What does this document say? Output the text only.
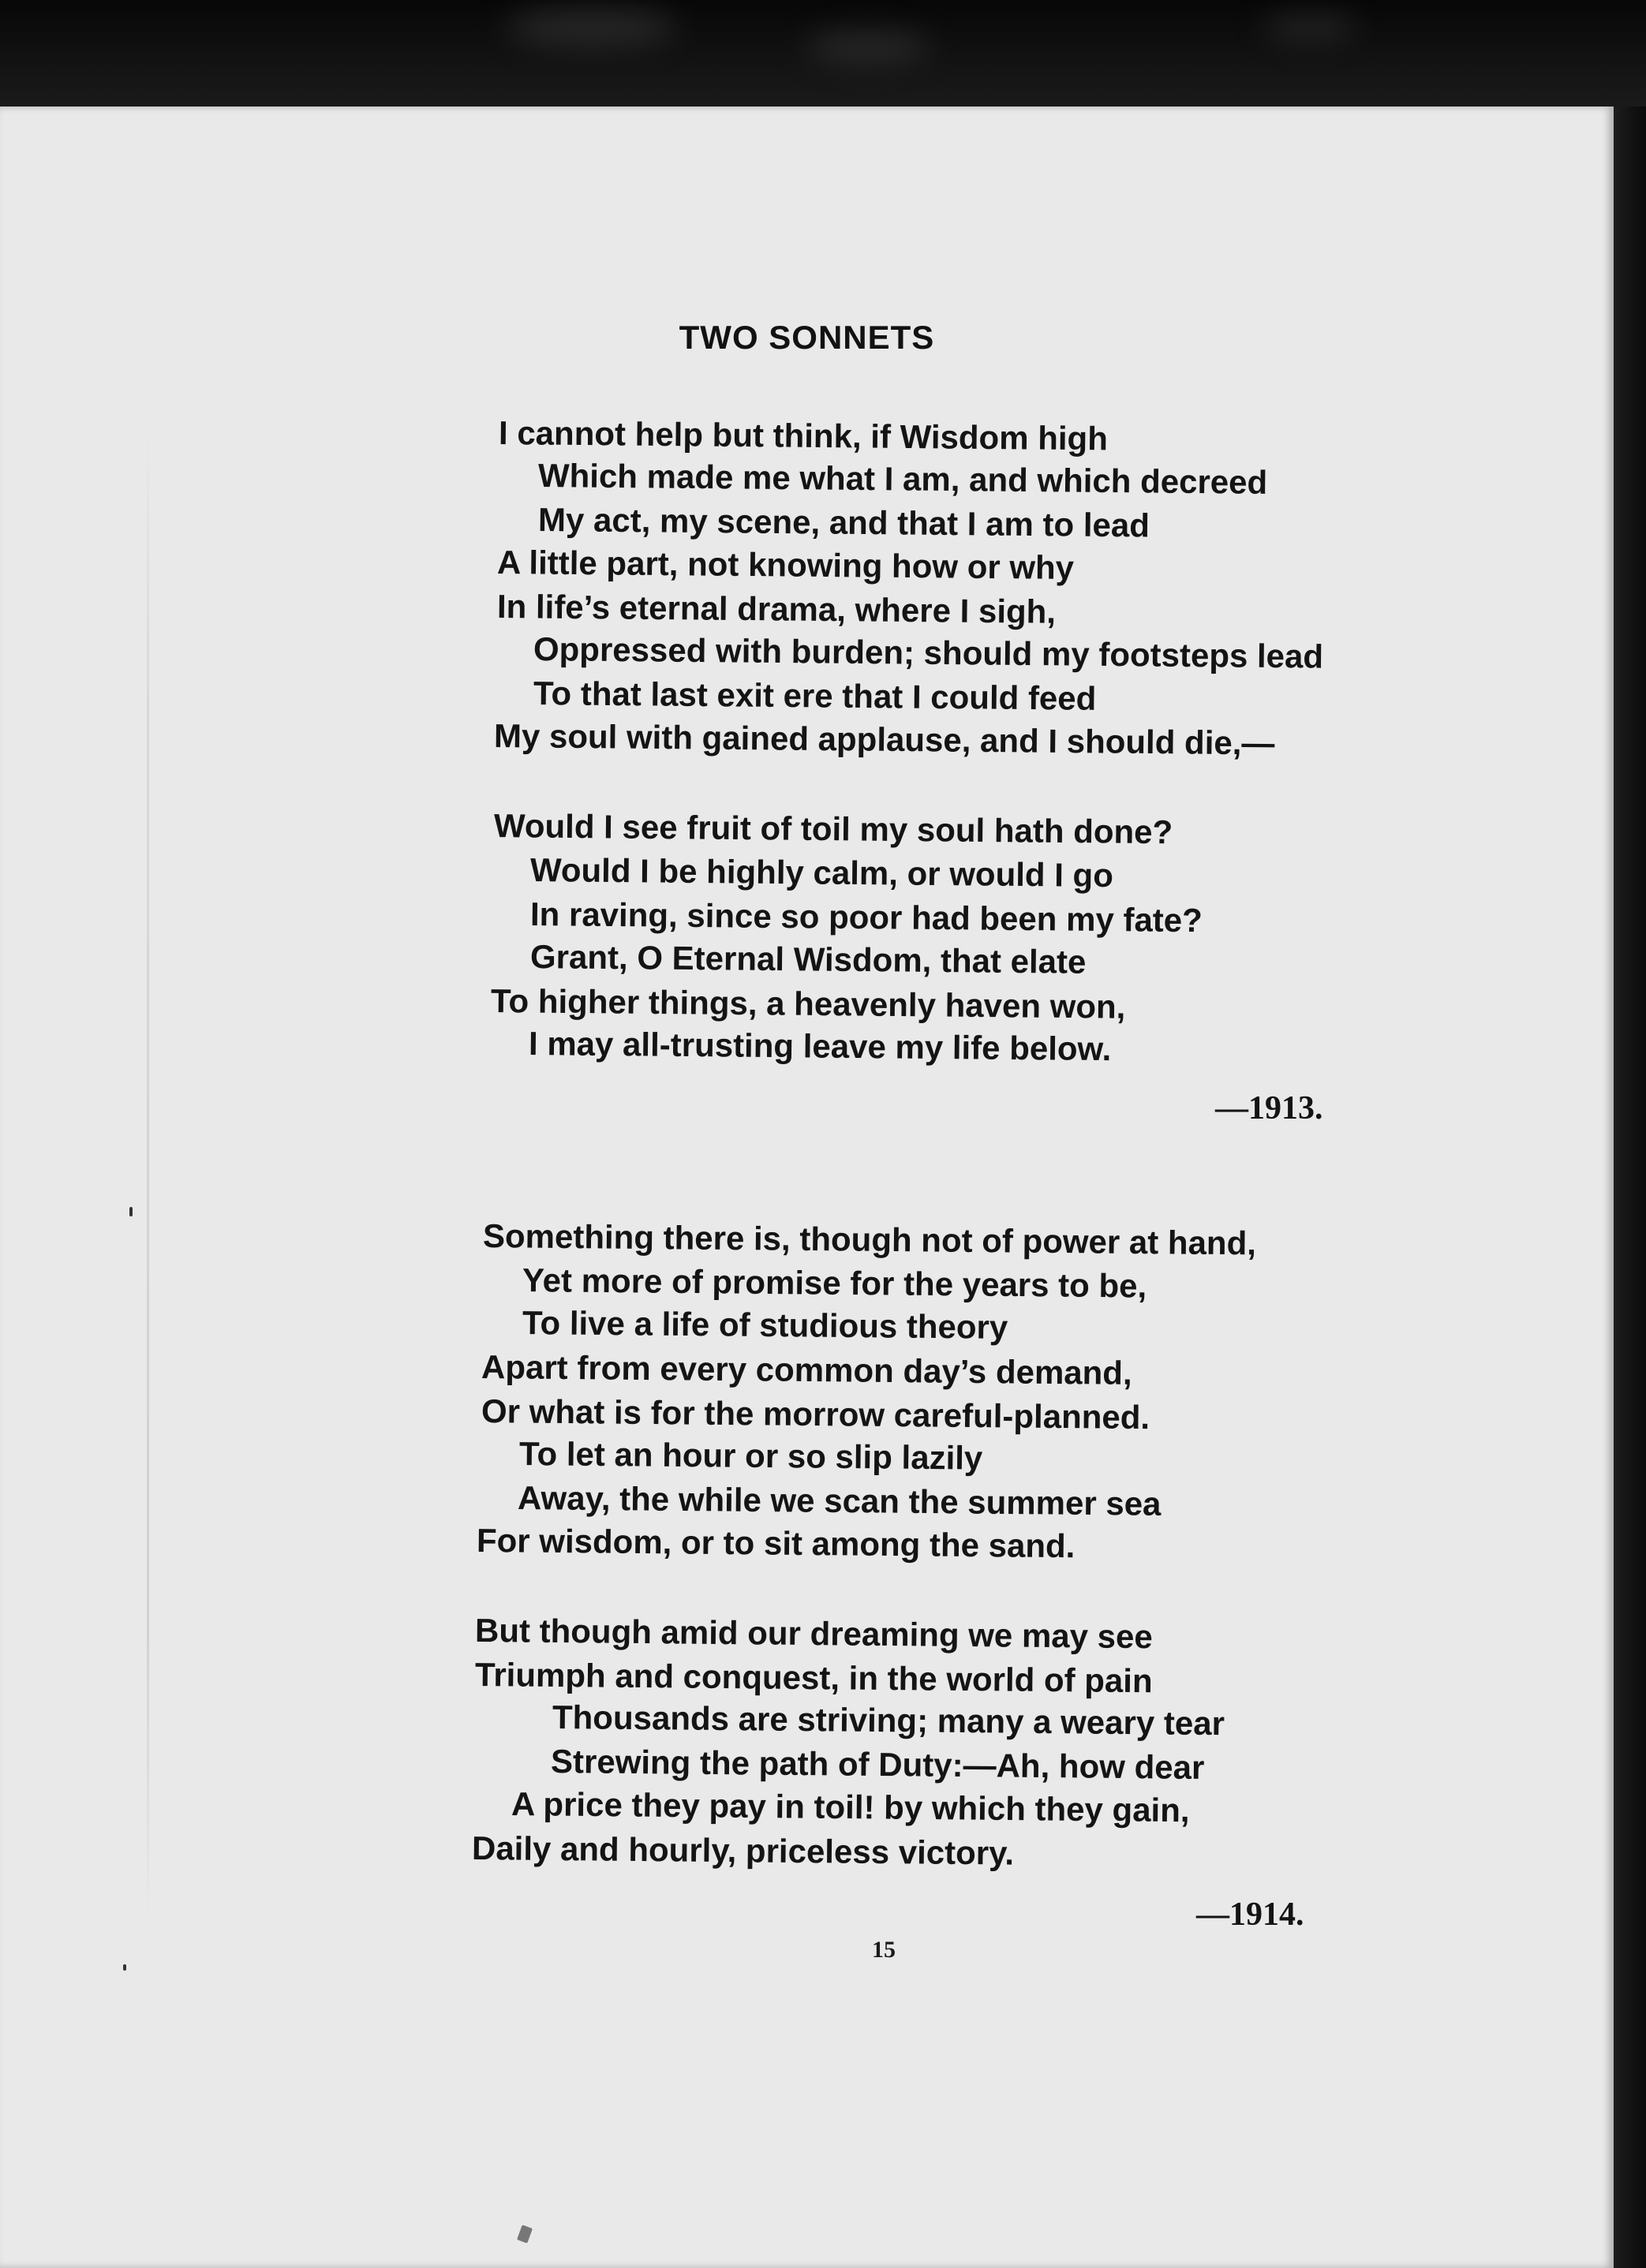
TWO SONNETS
I cannot help but think, if Wisdom high
Which made me what I am, and which decreed
My act, my scene, and that I am to lead
A little part, not knowing how or why
In life’s eternal drama, where I sigh,
Oppressed with burden; should my footsteps lead
To that last exit ere that I could feed
My soul with gained applause, and I should die,—
Would I see fruit of toil my soul hath done?
Would I be highly calm, or would I go
In raving, since so poor had been my fate?
Grant, O Eternal Wisdom, that elate
To higher things, a heavenly haven won,
I may all-trusting leave my life below.
—1913.
Something there is, though not of power at hand,
Yet more of promise for the years to be,
To live a life of studious theory
Apart from every common day’s demand,
Or what is for the morrow careful-planned.
To let an hour or so slip lazily
Away, the while we scan the summer sea
For wisdom, or to sit among the sand.
But though amid our dreaming we may see
Triumph and conquest, in the world of pain
Thousands are striving; many a weary tear
Strewing the path of Duty:—Ah, how dear
A price they pay in toil! by which they gain,
Daily and hourly, priceless victory.
—1914.
15
